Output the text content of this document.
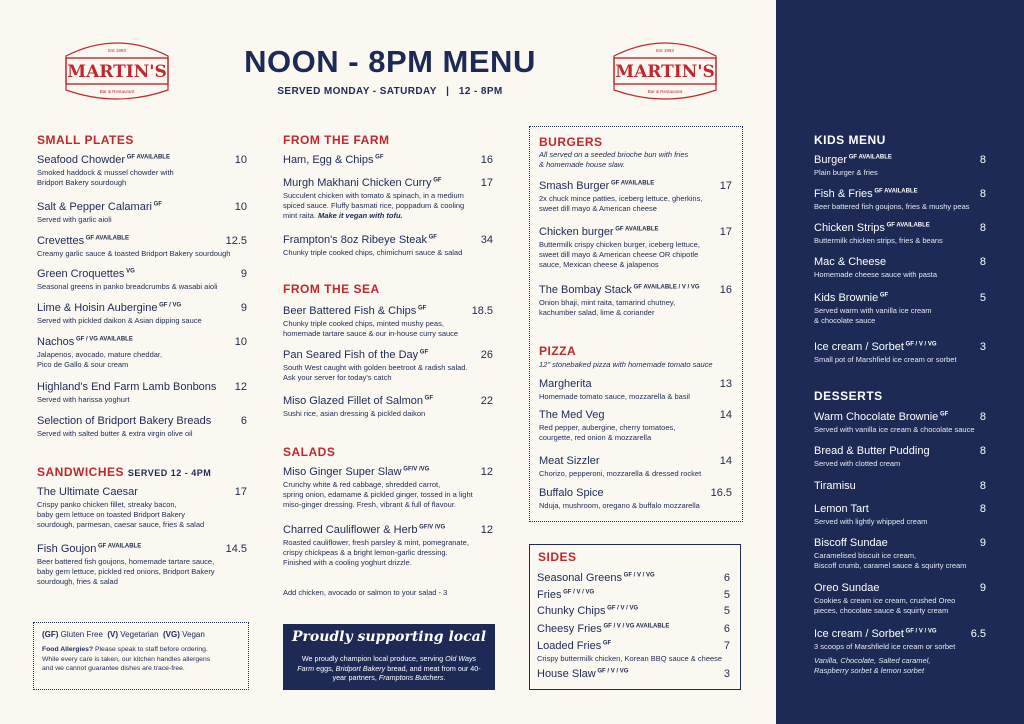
Est 1993
MARTIN'S
Bar & Restaurant
Est 1993
MARTIN'S
Bar & Restaurant
NOON - 8PM MENU
SERVED MONDAY - SATURDAY   |   12 - 8PM
SMALL PLATES
Seafood Chowder $^{GF AVAILABLE}$	10
Smoked haddock & mussel chowder with
Bridport Bakery sourdough
Salt & Pepper Calamari $^{GF}$	10
Served with garlic aioli
Crevettes $^{GF AVAILABLE}$	12.5
Creamy garlic sauce & toasted Bridport Bakery sourdough
Green Croquettes $^{VG}$	9
Seasonal greens in panko breadcrumbs & wasabi aioli
Lime & Hoisin Aubergine $^{GF / VG}$	9
Served with pickled daikon & Asian dipping sauce
Nachos $^{GF / VG AVAILABLE}$	10
Jalapenos, avocado, mature cheddar,
Pico de Gallo & sour cream
Highland's End Farm Lamb Bonbons 12
Served with harissa yoghurt
Selection of Bridport Bakery Breads	6
Served with salted butter & extra virgin olive oil
SANDWICHES SERVED 12 - 4PM
The Ultimate Caesar	17
Crispy panko chicken fillet, streaky bacon,
baby gem lettuce on toasted Bridport Bakery
sourdough, parmesan, caesar sauce, fries & salad
Fish Goujon $^{GF AVAILABLE}$	14.5
Beer battered fish goujons, homemade tartare sauce,
baby gem lettuce, pickled red onions, Bridport Bakery
sourdough, fries & salad
(GF) Gluten Free (V) Vegetarian (VG) Vegan
Food Allergies? Please speak to staff before ordering.
While every care is taken, our kitchen handles allergens
and we cannot guarantee dishes are trace-free.
FROM THE FARM
Ham, Egg & Chips $^{GF}$	16
Murgh Makhani Chicken Curry $^{GF}$	17
Succulent chicken with tomato & spinach, in a medium
spiced sauce. Fluffy basmati rice, poppadum & cooling
mint raita. Make it vegan with tofu.
Frampton's 8oz Ribeye Steak $^{GF}$	34
Chunky triple cooked chips, chimichurri sauce & salad
FROM THE SEA
Beer Battered Fish & Chips $^{GF}$	18.5
Chunky triple cooked chips, minted mushy peas,
homemade tartare sauce & our in-house curry sauce
Pan Seared Fish of the Day $^{GF}$	26
South West caught with golden beetroot & radish salad.
Ask your server for today's catch
Miso Glazed Fillet of Salmon $^{GF}$	22
Sushi rice, asian dressing & pickled daikon
SALADS
Miso Ginger Super Slaw $^{GF/V /VG}$	12
Crunchy white & red cabbage, shredded carrot,
spring onion, edamame & pickled ginger, tossed in a light
miso-ginger dressing. Fresh, vibrant & full of flavour.
Charred Cauliflower & Herb $^{GF/V /VG}$	12
Roasted cauliflower, fresh parsley & mint, pomegranate,
crispy chickpeas & a bright lemon-garlic dressing.
Finished with a cooling yoghurt drizzle.
Add chicken, avocado or salmon to your salad - 3
Proudly supporting local
We proudly champion local produce, serving Old Ways Farm eggs, Bridport Bakery bread, and meat from our 40-year partners, Framptons Butchers.
BURGERS
All served on a seeded brioche bun with fries
& homemade house slaw.
Smash Burger $^{GF AVAILABLE}$	17
2x chuck mince patties, iceberg lettuce, gherkins,
sweet dill mayo & American cheese
Chicken burger $^{GF AVAILABLE}$	17
Buttermilk crispy chicken burger, iceberg lettuce,
sweet dill mayo & American cheese OR chipotle
sauce, Mexican cheese & jalapenos
The Bombay Stack $^{GF AVAILABLE / V / VG}$ 16
Onion bhaji, mint raita, tamarind chutney,
kachumber salad, lime & coriander
PIZZA
12" stonebaked pizza with homemade tomato sauce
Margherita	13
Homemade tomato sauce, mozzarella & basil
The Med Veg	14
Red pepper, aubergine, cherry tomatoes,
courgette, red onion & mozzarella
Meat Sizzler	14
Chorizo, pepperoni, mozzarella & dressed rocket
Buffalo Spice	16.5
Nduja, mushroom, oregano & buffalo mozzarella
SIDES
Seasonal Greens $^{GF / V / VG}$	6
Fries $^{GF / V / VG}$	5
Chunky Chips $^{GF / V / VG}$	5
Cheesy Fries $^{GF / V / VG AVAILABLE}$	6
Loaded Fries $^{GF}$	7
Crispy buttermilk chicken, Korean BBQ sauce & cheese
House Slaw $^{GF / V / VG}$	3
KIDS MENU
Burger $^{GF AVAILABLE}$	8
Plain burger & fries
Fish & Fries $^{GF AVAILABLE}$	8
Beer battered fish goujons, fries & mushy peas
Chicken Strips $^{GF AVAILABLE}$	8
Buttermilk chicken strips, fries & beans
Mac & Cheese	8
Homemade cheese sauce with pasta
Kids Brownie $^{GF}$	5
Served warm with vanilla ice cream
& chocolate sauce
Ice cream / Sorbet $^{GF / V / VG}$	3
Small pot of Marshfield ice cream or sorbet
DESSERTS
Warm Chocolate Brownie $^{GF}$	8
Served with vanilla ice cream & chocolate sauce
Bread & Butter Pudding	8
Served with clotted cream
Tiramisu	8
Lemon Tart	8
Served with lightly whipped cream
Biscoff Sundae	9
Caramelised biscuit ice cream,
Biscoff crumb, caramel sauce & squirty cream
Oreo Sundae	9
Cookies & cream ice cream, crushed Oreo
pieces, chocolate sauce & squirty cream
Ice cream / Sorbet $^{GF / V / VG}$	6.5
3 scoops of Marshfield ice cream or sorbet
Vanilla, Chocolate, Salted caramel,
Raspberry sorbet & lemon sorbet
